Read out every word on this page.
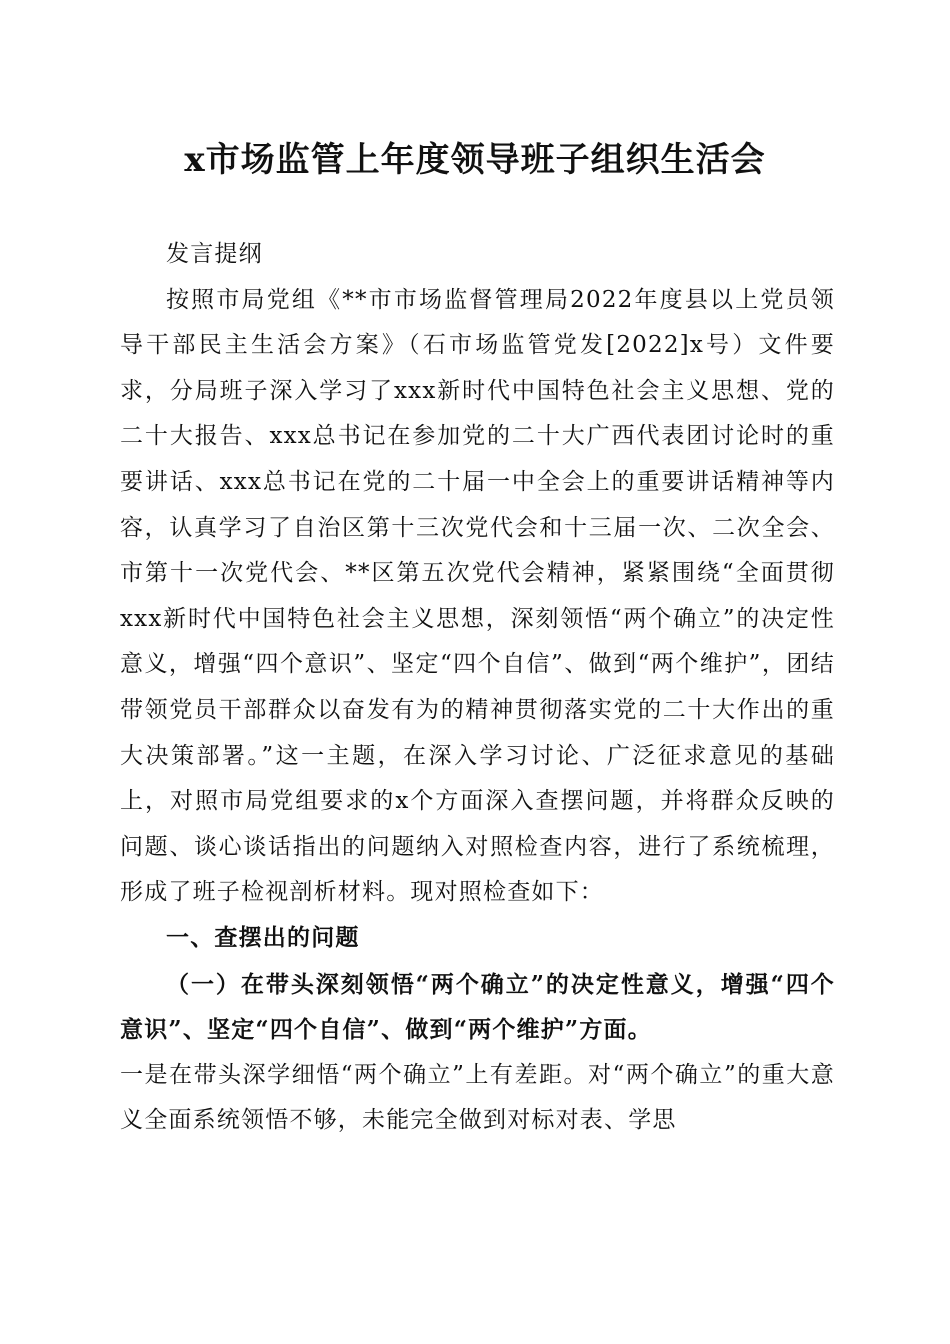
x市场监管上年度领导班子组织生活会

发言提纲

按照市局党组《**市市场监督管理局2022年度县以上党员领导干部民主生活会方案》（石市场监管党发[2022]x号）文件要求，分局班子深入学习了xxx新时代中国特色社会主义思想、党的二十大报告、xxx总书记在参加党的二十大广西代表团讨论时的重要讲话、xxx总书记在党的二十届一中全会上的重要讲话精神等内容，认真学习了自治区第十三次党代会和十三届一次、二次全会、市第十一次党代会、**区第五次党代会精神，紧紧围绕“全面贯彻xxx新时代中国特色社会主义思想，深刻领悟“两个确立”的决定性意义，增强“四个意识”、坚定“四个自信”、做到“两个维护”，团结带领党员干部群众以奋发有为的精神贯彻落实党的二十大作出的重大决策部署。”这一主题，在深入学习讨论、广泛征求意见的基础上，对照市局党组要求的x个方面深入查摆问题，并将群众反映的问题、谈心谈话指出的问题纳入对照检查内容，进行了系统梳理，形成了班子检视剖析材料。现对照检查如下：

一、查摆出的问题

（一）在带头深刻领悟“两个确立”的决定性意义，增强“四个意识”、坚定“四个自信”、做到“两个维护”方面。

一是在带头深学细悟“两个确立”上有差距。对“两个确立”的重大意义全面系统领悟不够，未能完全做到对标对表、学思
